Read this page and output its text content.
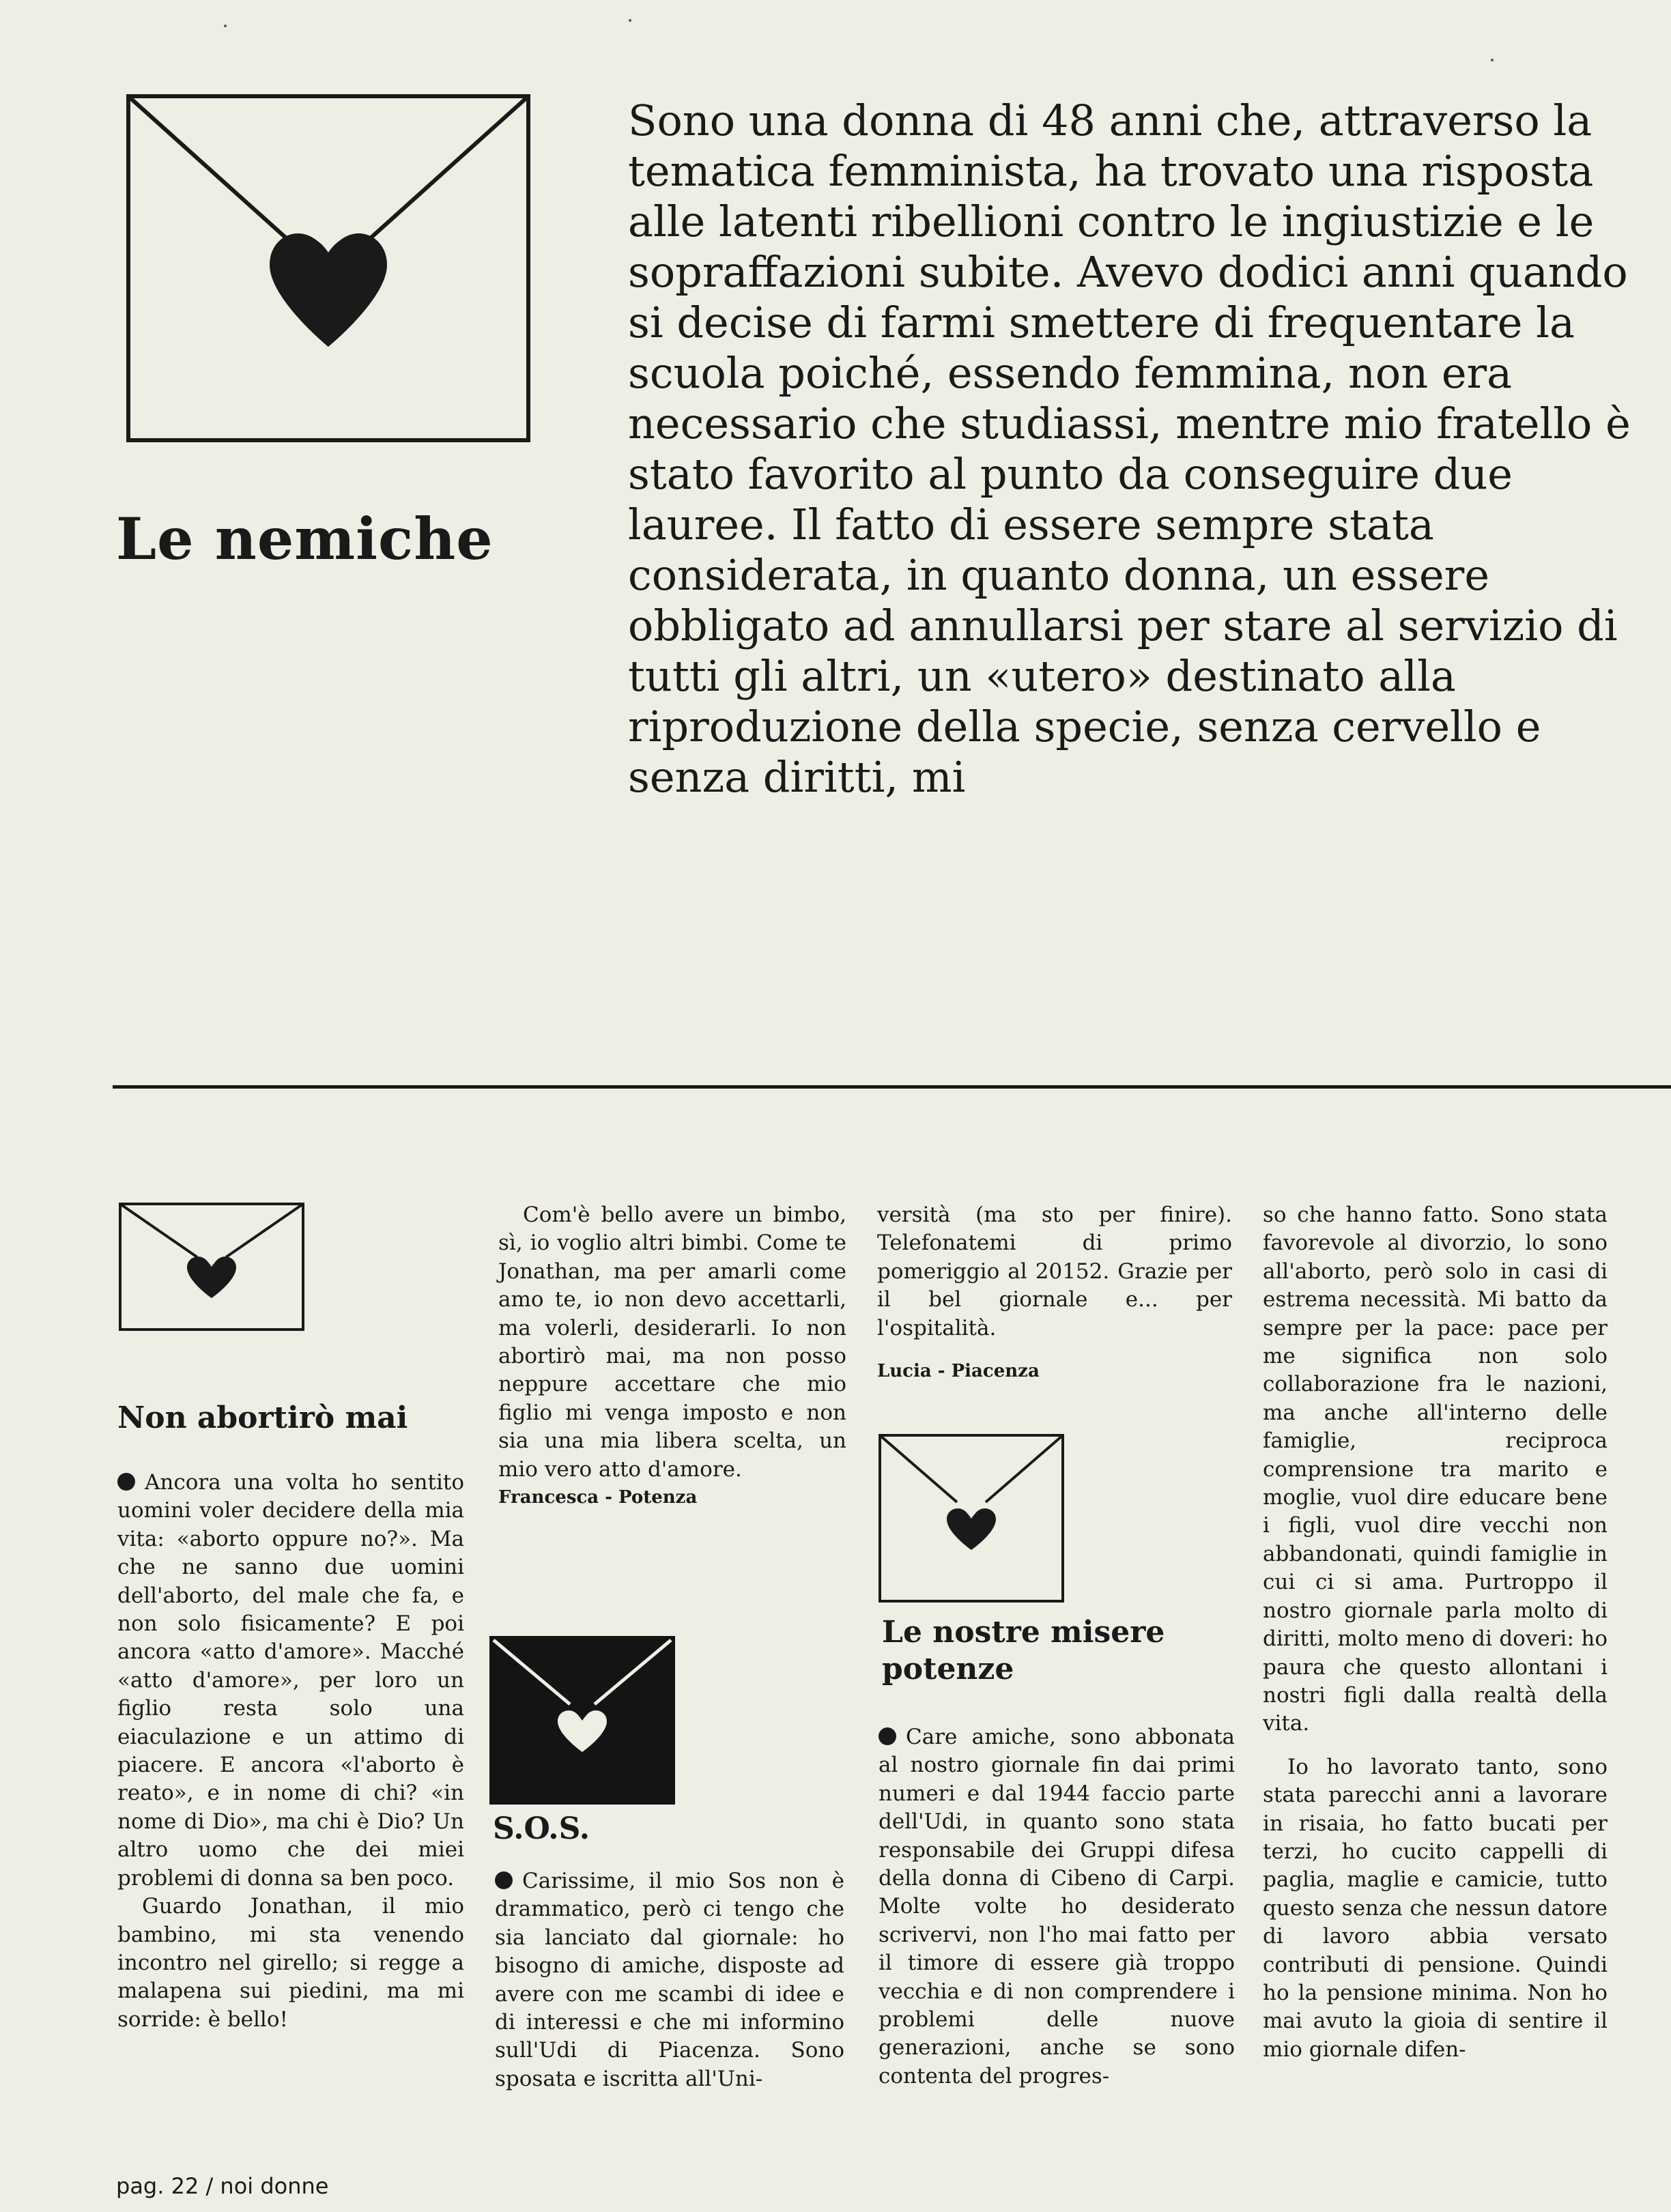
Le nemiche

Sono una donna di 48 anni che, attraverso la tematica femminista, ha trovato una risposta alle latenti ribellioni contro le ingiustizie e le sopraffazioni subite. Avevo dodici anni quando si decise di farmi smettere di frequentare la scuola poiché, essendo femmina, non era necessario che studiassi, mentre mio fratello è stato favorito al punto da conseguire due lauree. Il fatto di essere sempre stata considerata, in quanto donna, un essere obbligato ad annullarsi per stare al servizio di tutti gli altri, un «utero» destinato alla riproduzione della specie, senza cervello e senza diritti, mi

Non abortirò mai

Ancora una volta ho sentito uomini voler decidere della mia vita: «aborto oppure no?». Ma che ne sanno due uomini dell'aborto, del male che fa, e non solo fisicamente? E poi ancora «atto d'amore». Macché «atto d'amore», per loro un figlio resta solo una eiaculazione e un attimo di piacere. E ancora «l'aborto è reato», e in nome di chi? «in nome di Dio», ma chi è Dio? Un altro uomo che dei miei problemi di donna sa ben poco.

Guardo Jonathan, il mio bambino, mi sta venendo incontro nel girello; si regge a malapena sui piedini, ma mi sorride: è bello!

Com'è bello avere un bimbo, sì, io voglio altri bimbi. Come te Jonathan, ma per amarli come amo te, io non devo accettarli, ma volerli, desiderarli. Io non abortirò mai, ma non posso neppure accettare che mio figlio mi venga imposto e non sia una mia libera scelta, un mio vero atto d'amore.

Francesca - Potenza

S.O.S.

Carissime, il mio Sos non è drammatico, però ci tengo che sia lanciato dal giornale: ho bisogno di amiche, disposte ad avere con me scambi di idee e di interessi e che mi informino sull'Udi di Piacenza. Sono sposata e iscritta all'Uni-

versità (ma sto per finire). Telefonatemi di primo pomeriggio al 20152. Grazie per il bel giornale e... per l'ospitalità.

Lucia - Piacenza

Le nostre misere potenze

Care amiche, sono abbonata al nostro giornale fin dai primi numeri e dal 1944 faccio parte dell'Udi, in quanto sono stata responsabile dei Gruppi difesa della donna di Cibeno di Carpi. Molte volte ho desiderato scrivervi, non l'ho mai fatto per il timore di essere già troppo vecchia e di non comprendere i problemi delle nuove generazioni, anche se sono contenta del progres-

so che hanno fatto. Sono stata favorevole al divorzio, lo sono all'aborto, però solo in casi di estrema necessità. Mi batto da sempre per la pace: pace per me significa non solo collaborazione fra le nazioni, ma anche all'interno delle famiglie, reciproca comprensione tra marito e moglie, vuol dire educare bene i figli, vuol dire vecchi non abbandonati, quindi famiglie in cui ci si ama. Purtroppo il nostro giornale parla molto di diritti, molto meno di doveri: ho paura che questo allontani i nostri figli dalla realtà della vita.

Io ho lavorato tanto, sono stata parecchi anni a lavorare in risaia, ho fatto bucati per terzi, ho cucito cappelli di paglia, maglie e camicie, tutto questo senza che nessun datore di lavoro abbia versato contributi di pensione. Quindi ho la pensione minima. Non ho mai avuto la gioia di sentire il mio giornale difen-

pag. 22 / noi donne
